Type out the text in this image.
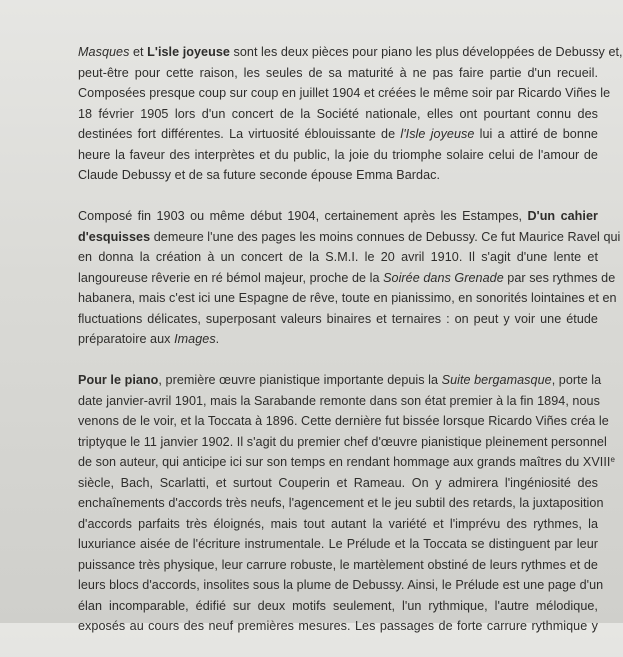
Masques et L'isle joyeuse sont les deux pièces pour piano les plus développées de Debussy et,
peut-être pour cette raison, les seules de sa maturité à ne pas faire partie d'un recueil.
Composées presque coup sur coup en juillet 1904 et créées le même soir par Ricardo Viñes le
18 février 1905 lors d'un concert de la Société nationale, elles ont pourtant connu des
destinées fort différentes. La virtuosité éblouissante de l'Isle joyeuse lui a attiré de bonne
heure la faveur des interprètes et du public, la joie du triomphe solaire celui de l'amour de
Claude Debussy et de sa future seconde épouse Emma Bardac.
Composé fin 1903 ou même début 1904, certainement après les Estampes, D'un cahier
d'esquisses demeure l'une des pages les moins connues de Debussy. Ce fut Maurice Ravel qui
en donna la création à un concert de la S.M.I. le 20 avril 1910. Il s'agit d'une lente et
langoureuse rêverie en ré bémol majeur, proche de la Soirée dans Grenade par ses rythmes de
habanera, mais c'est ici une Espagne de rêve, toute en pianissimo, en sonorités lointaines et en
fluctuations délicates, superposant valeurs binaires et ternaires : on peut y voir une étude
préparatoire aux Images.
Pour le piano, première œuvre pianistique importante depuis la Suite bergamasque, porte la
date janvier-avril 1901, mais la Sarabande remonte dans son état premier à la fin 1894, nous
venons de le voir, et la Toccata à 1896. Cette dernière fut bissée lorsque Ricardo Viñes créa le
triptyque le 11 janvier 1902. Il s'agit du premier chef d'œuvre pianistique pleinement personnel
de son auteur, qui anticipe ici sur son temps en rendant hommage aux grands maîtres du XVIIIe
siècle, Bach, Scarlatti, et surtout Couperin et Rameau. On y admirera l'ingéniosité des
enchaînements d'accords très neufs, l'agencement et le jeu subtil des retards, la juxtaposition
d'accords parfaits très éloignés, mais tout autant la variété et l'imprévu des rythmes, la
luxuriance aisée de l'écriture instrumentale. Le Prélude et la Toccata se distinguent par leur
puissance très physique, leur carrure robuste, le martèlement obstiné de leurs rythmes et de
leurs blocs d'accords, insolites sous la plume de Debussy. Ainsi, le Prélude est une page d'un
élan incomparable, édifié sur deux motifs seulement, l'un rythmique, l'autre mélodique,
exposés au cours des neuf premières mesures. Les passages de forte carrure rythmique y
